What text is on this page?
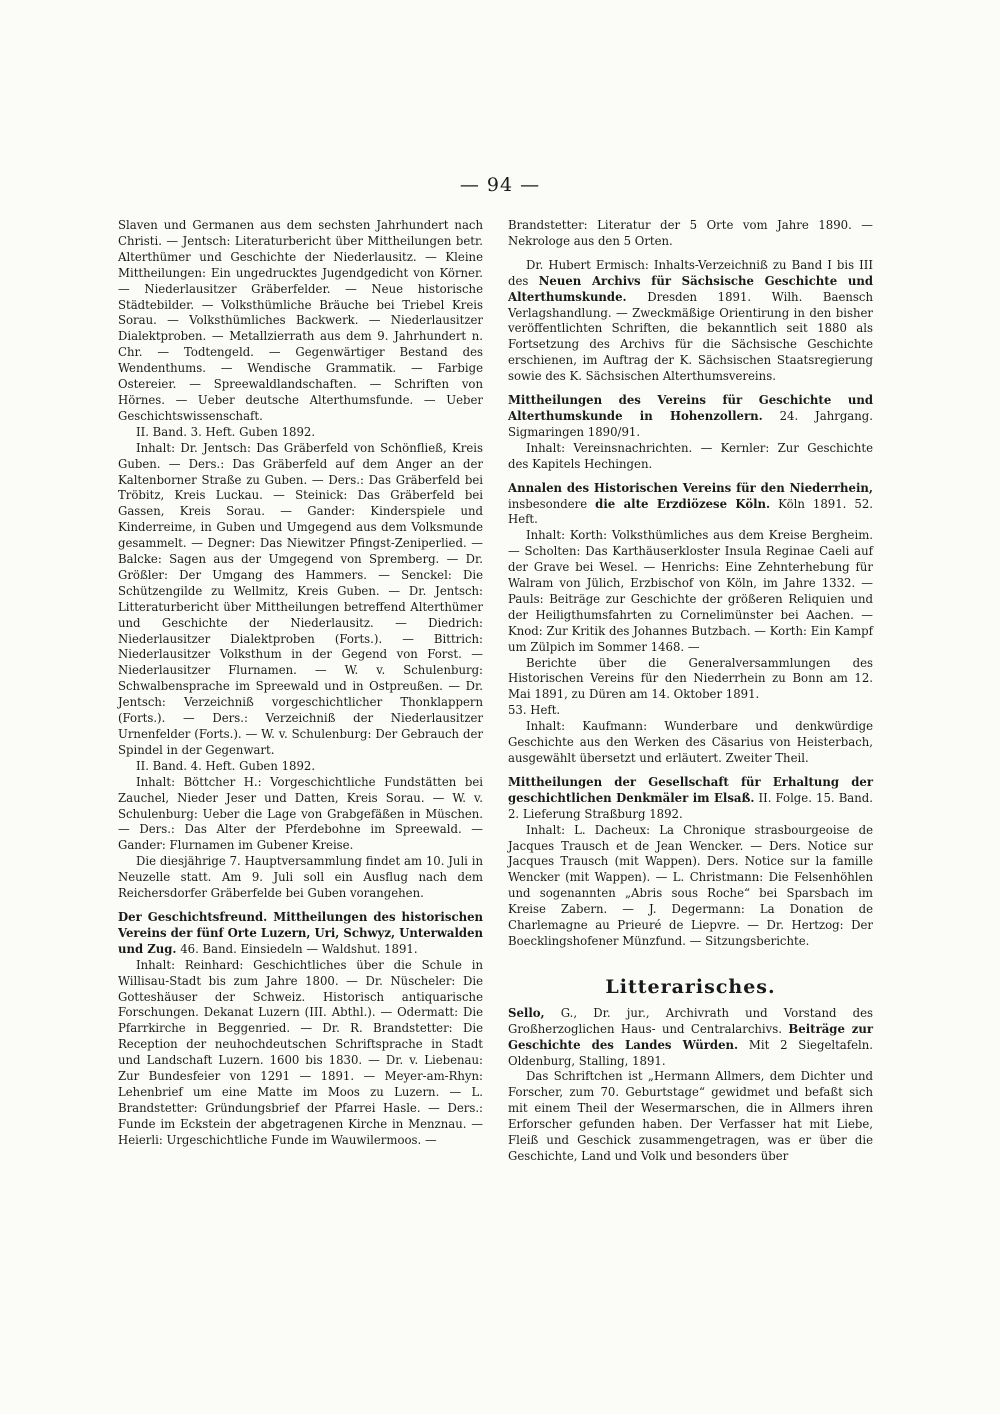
— 94 —

Slaven und Germanen aus dem sechsten Jahrhundert nach Christi. — Jentsch: Literaturbericht über Mittheilungen betr. Alterthümer und Geschichte der Niederlausitz. — Kleine Mittheilungen: Ein ungedrucktes Jugendgedicht von Körner. — Niederlausitzer Gräberfelder. — Neue historische Städtebilder. — Volksthümliche Bräuche bei Triebel Kreis Sorau. — Volksthümliches Backwerk. — Niederlausitzer Dialektproben. — Metallzierrath aus dem 9. Jahrhundert n. Chr. — Todtengeld. — Gegenwärtiger Bestand des Wendenthums. — Wendische Grammatik. — Farbige Ostereier. — Spreewaldlandschaften. — Schriften von Hörnes. — Ueber deutsche Alterthumsfunde. — Ueber Geschichtswissenschaft.

II. Band. 3. Heft. Guben 1892.

Inhalt: Dr. Jentsch: Das Gräberfeld von Schönfließ, Kreis Guben. — Ders.: Das Gräberfeld auf dem Anger an der Kaltenborner Straße zu Guben. — Ders.: Das Gräberfeld bei Tröbitz, Kreis Luckau. — Steinick: Das Gräberfeld bei Gassen, Kreis Sorau. — Gander: Kinderspiele und Kinderreime, in Guben und Umgegend aus dem Volksmunde gesammelt. — Degner: Das Niewitzer Pfingst-Zeniperlied. — Balcke: Sagen aus der Umgegend von Spremberg. — Dr. Größler: Der Umgang des Hammers. — Senckel: Die Schützengilde zu Wellmitz, Kreis Guben. — Dr. Jentsch: Litteraturbericht über Mittheilungen betreffend Alterthümer und Geschichte der Niederlausitz. — Diedrich: Niederlausitzer Dialektproben (Forts.). — Bittrich: Niederlausitzer Volksthum in der Gegend von Forst. — Niederlausitzer Flurnamen. — W. v. Schulenburg: Schwalbensprache im Spreewald und in Ostpreußen. — Dr. Jentsch: Verzeichniß vorgeschichtlicher Thonklappern (Forts.). — Ders.: Verzeichniß der Niederlausitzer Urnenfelder (Forts.). — W. v. Schulenburg: Der Gebrauch der Spindel in der Gegenwart.

II. Band. 4. Heft. Guben 1892.

Inhalt: Böttcher H.: Vorgeschichtliche Fundstätten bei Zauchel, Nieder Jeser und Datten, Kreis Sorau. — W. v. Schulenburg: Ueber die Lage von Grabgefäßen in Müschen. — Ders.: Das Alter der Pferdebohne im Spreewald. — Gander: Flurnamen im Gubener Kreise.

Die diesjährige 7. Hauptversammlung findet am 10. Juli in Neuzelle statt. Am 9. Juli soll ein Ausflug nach dem Reichersdorfer Gräberfelde bei Guben vorangehen.

Der Geschichtsfreund. Mittheilungen des historischen Vereins der fünf Orte Luzern, Uri, Schwyz, Unterwalden und Zug. 46. Band. Einsiedeln — Waldshut. 1891.

Inhalt: Reinhard: Geschichtliches über die Schule in Willisau-Stadt bis zum Jahre 1800. — Dr. Nüscheler: Die Gotteshäuser der Schweiz. Historisch antiquarische Forschungen. Dekanat Luzern (III. Abthl.). — Odermatt: Die Pfarrkirche in Beggenried. — Dr. R. Brandstetter: Die Reception der neuhochdeutschen Schriftsprache in Stadt und Landschaft Luzern. 1600 bis 1830. — Dr. v. Liebenau: Zur Bundesfeier von 1291 — 1891. — Meyer-am-Rhyn: Lehenbrief um eine Matte im Moos zu Luzern. — L. Brandstetter: Gründungsbrief der Pfarrei Hasle. — Ders.: Funde im Eckstein der abgetragenen Kirche in Menznau. — Heierli: Urgeschichtliche Funde im Wauwilermoos. —

Brandstetter: Literatur der 5 Orte vom Jahre 1890. — Nekrologe aus den 5 Orten.

Dr. Hubert Ermisch: Inhalts-Verzeichniß zu Band I bis III des Neuen Archivs für Sächsische Geschichte und Alterthumskunde. Dresden 1891. Wilh. Baensch Verlagshandlung. — Zweckmäßige Orientirung in den bisher veröffentlichten Schriften, die bekanntlich seit 1880 als Fortsetzung des Archivs für die Sächsische Geschichte erschienen, im Auftrag der K. Sächsischen Staatsregierung sowie des K. Sächsischen Alterthumsvereins.

Mittheilungen des Vereins für Geschichte und Alterthumskunde in Hohenzollern. 24. Jahrgang. Sigmaringen 1890/91.

Inhalt: Vereinsnachrichten. — Kernler: Zur Geschichte des Kapitels Hechingen.

Annalen des Historischen Vereins für den Niederrhein, insbesondere die alte Erzdiözese Köln. Köln 1891. 52. Heft.

Inhalt: Korth: Volksthümliches aus dem Kreise Bergheim. — Scholten: Das Karthäuserkloster Insula Reginae Caeli auf der Grave bei Wesel. — Henrichs: Eine Zehnterhebung für Walram von Jülich, Erzbischof von Köln, im Jahre 1332. — Pauls: Beiträge zur Geschichte der größeren Reliquien und der Heiligthumsfahrten zu Cornelimünster bei Aachen. — Knod: Zur Kritik des Johannes Butzbach. — Korth: Ein Kampf um Zülpich im Sommer 1468. —

Berichte über die Generalversammlungen des Historischen Vereins für den Niederrhein zu Bonn am 12. Mai 1891, zu Düren am 14. Oktober 1891.

53. Heft.

Inhalt: Kaufmann: Wunderbare und denkwürdige Geschichte aus den Werken des Cäsarius von Heisterbach, ausgewählt übersetzt und erläutert. Zweiter Theil.

Mittheilungen der Gesellschaft für Erhaltung der geschichtlichen Denkmäler im Elsaß. II. Folge. 15. Band. 2. Lieferung Straßburg 1892.

Inhalt: L. Dacheux: La Chronique strasbourgeoise de Jacques Trausch et de Jean Wencker. — Ders. Notice sur Jacques Trausch (mit Wappen). Ders. Notice sur la famille Wencker (mit Wappen). — L. Christmann: Die Felsenhöhlen und sogenannten „Abris sous Roche“ bei Sparsbach im Kreise Zabern. — J. Degermann: La Donation de Charlemagne au Prieuré de Liepvre. — Dr. Hertzog: Der Boecklingshofener Münzfund. — Sitzungsberichte.

Litterarisches.

Sello, G., Dr. jur., Archivrath und Vorstand des Großherzoglichen Haus- und Centralarchivs. Beiträge zur Geschichte des Landes Würden. Mit 2 Siegeltafeln. Oldenburg, Stalling, 1891.

Das Schriftchen ist „Hermann Allmers, dem Dichter und Forscher, zum 70. Geburtstage“ gewidmet und befaßt sich mit einem Theil der Wesermarschen, die in Allmers ihren Erforscher gefunden haben. Der Verfasser hat mit Liebe, Fleiß und Geschick zusammengetragen, was er über die Geschichte, Land und Volk und besonders über
